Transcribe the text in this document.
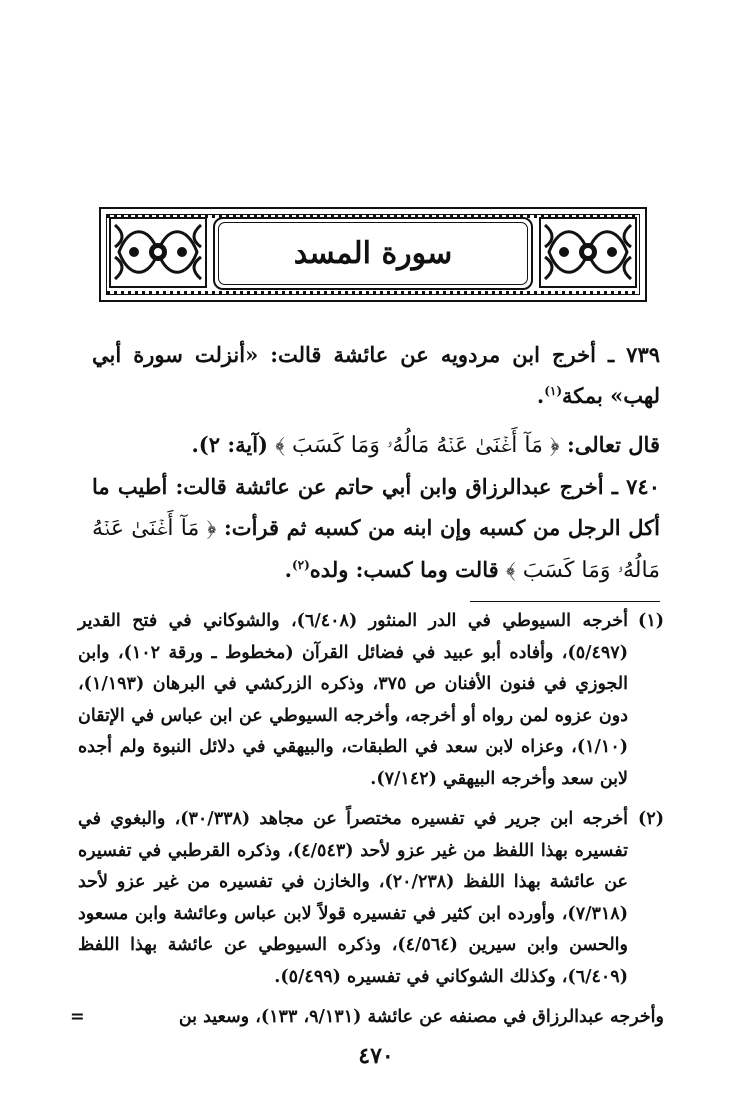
سورة المسد

٧٣٩ ـ أخرج ابن مردويه عن عائشة قالت: «أنزلت سورة أبي لهب» بمكة$^{(١)}$.

قال تعالى: ﴿ مَآ أَغۡنَىٰ عَنۡهُ مَالُهُۥ وَمَا كَسَبَ ﴾ (آية: ٢).

٧٤٠ ـ أخرج عبدالرزاق وابن أبي حاتم عن عائشة قالت: أطيب ما أكل الرجل من كسبه وإن ابنه من كسبه ثم قرأت: ﴿ مَآ أَغۡنَىٰ عَنۡهُ مَالُهُۥ وَمَا كَسَبَ ﴾ قالت وما كسب: ولده$^{(٢)}$.

(١)
أخرجه السيوطي في الدر المنثور (٦/٤٠٨)، والشوكاني في فتح القدير (٥/٤٩٧)، وأفاده أبو عبيد في فضائل القرآن (مخطوط ـ ورقة ١٠٢)، وابن الجوزي في فنون الأفنان ص ٣٧٥، وذكره الزركشي في البرهان (١/١٩٣)، دون عزوه لمن رواه أو أخرجه، وأخرجه السيوطي عن ابن عباس في الإتقان (١/١٠)، وعزاه لابن سعد في الطبقات، والبيهقي في دلائل النبوة ولم أجده لابن سعد وأخرجه البيهقي (٧/١٤٢).

(٢)
أخرجه ابن جرير في تفسيره مختصراً عن مجاهد (٣٠/٣٣٨)، والبغوي في تفسيره بهذا اللفظ من غير عزو لأحد (٤/٥٤٣)، وذكره القرطبي في تفسيره عن عائشة بهذا اللفظ (٢٠/٢٣٨)، والخازن في تفسيره من غير عزو لأحد (٧/٣١٨)، وأورده ابن كثير في تفسيره قولاً لابن عباس وعائشة وابن مسعود والحسن وابن سيرين (٤/٥٦٤)، وذكره السيوطي عن عائشة بهذا اللفظ (٦/٤٠٩)، وكذلك الشوكاني في تفسيره (٥/٤٩٩).

وأخرجه عبدالرزاق في مصنفه عن عائشة (٩/١٣١، ١٣٣)، وسعيد بن
=

٤٧٠
